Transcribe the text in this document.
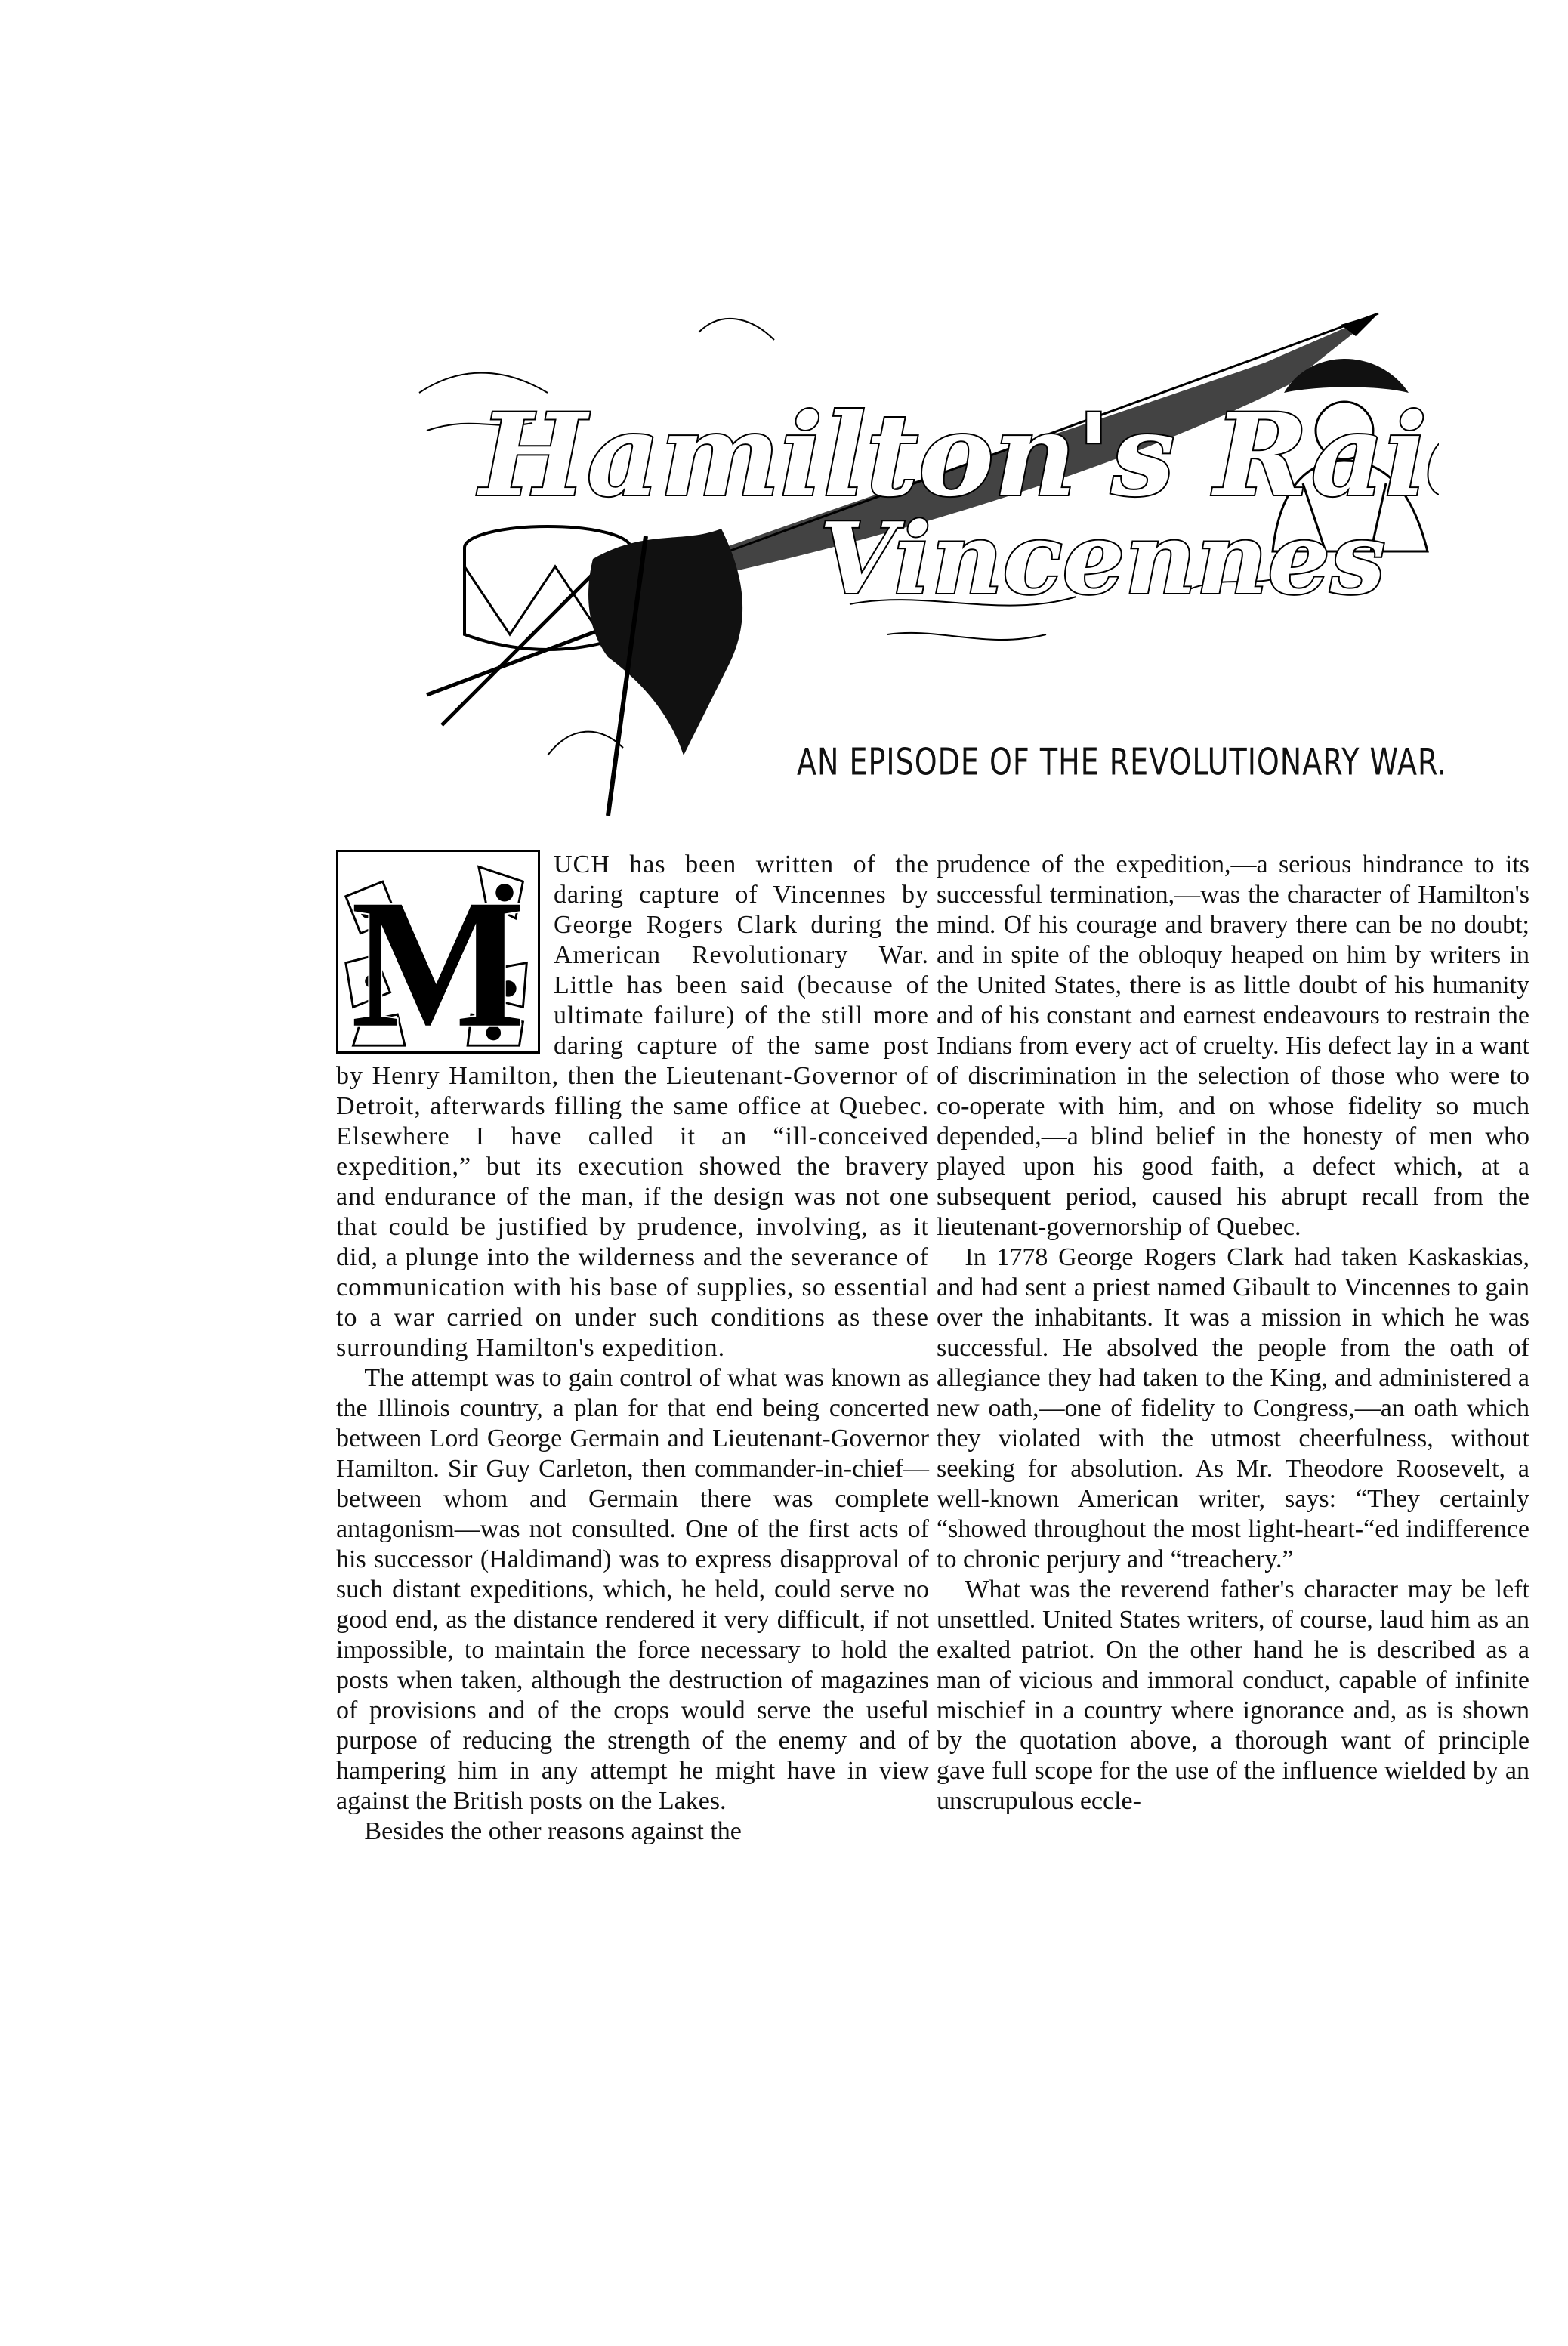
Hamilton's Raid
Vincennes
AN EPISODE OF THE REVOLUTIONARY WAR.

M UCH has been written of the daring capture of Vincennes by George Rogers Clark during the American Revolutionary War. Little has been said (because of ultimate failure) of the still more daring capture of the same post by Henry Hamilton, then the Lieutenant-Governor of Detroit, afterwards filling the same office at Quebec. Elsewhere I have called it an “ill-conceived expedition,” but its execution showed the bravery and endurance of the man, if the design was not one that could be justified by prudence, involving, as it did, a plunge into the wilderness and the severance of communication with his base of supplies, so essential to a war carried on under such conditions as these surrounding Hamilton's expedition.

The attempt was to gain control of what was known as the Illinois country, a plan for that end being concerted between Lord George Germain and Lieutenant-Governor Hamilton. Sir Guy Carleton, then commander-in-chief—between whom and Germain there was complete antagonism—was not consulted. One of the first acts of his successor (Haldimand) was to express disapproval of such distant expeditions, which, he held, could serve no good end, as the distance rendered it very difficult, if not impossible, to maintain the force necessary to hold the posts when taken, although the destruction of magazines of provisions and of the crops would serve the useful purpose of reducing the strength of the enemy and of hampering him in any attempt he might have in view against the British posts on the Lakes.

Besides the other reasons against the

prudence of the expedition,—a serious hindrance to its successful termination,—was the character of Hamilton's mind. Of his courage and bravery there can be no doubt; and in spite of the obloquy heaped on him by writers in the United States, there is as little doubt of his humanity and of his constant and earnest endeavours to restrain the Indians from every act of cruelty. His defect lay in a want of discrimination in the selection of those who were to co-operate with him, and on whose fidelity so much depended,—a blind belief in the honesty of men who played upon his good faith, a defect which, at a subsequent period, caused his abrupt recall from the lieutenant-governorship of Quebec.

In 1778 George Rogers Clark had taken Kaskaskias, and had sent a priest named Gibault to Vincennes to gain over the inhabitants. It was a mission in which he was successful. He absolved the people from the oath of allegiance they had taken to the King, and administered a new oath,—one of fidelity to Congress,—an oath which they violated with the utmost cheerfulness, without seeking for absolution. As Mr. Theodore Roosevelt, a well-known American writer, says: “They certainly “showed throughout the most light-heart-“ed indifference to chronic perjury and “treachery.”

What was the reverend father's character may be left unsettled. United States writers, of course, laud him as an exalted patriot. On the other hand he is described as a man of vicious and immoral conduct, capable of infinite mischief in a country where ignorance and, as is shown by the quotation above, a thorough want of principle gave full scope for the use of the influence wielded by an unscrupulous eccle-
